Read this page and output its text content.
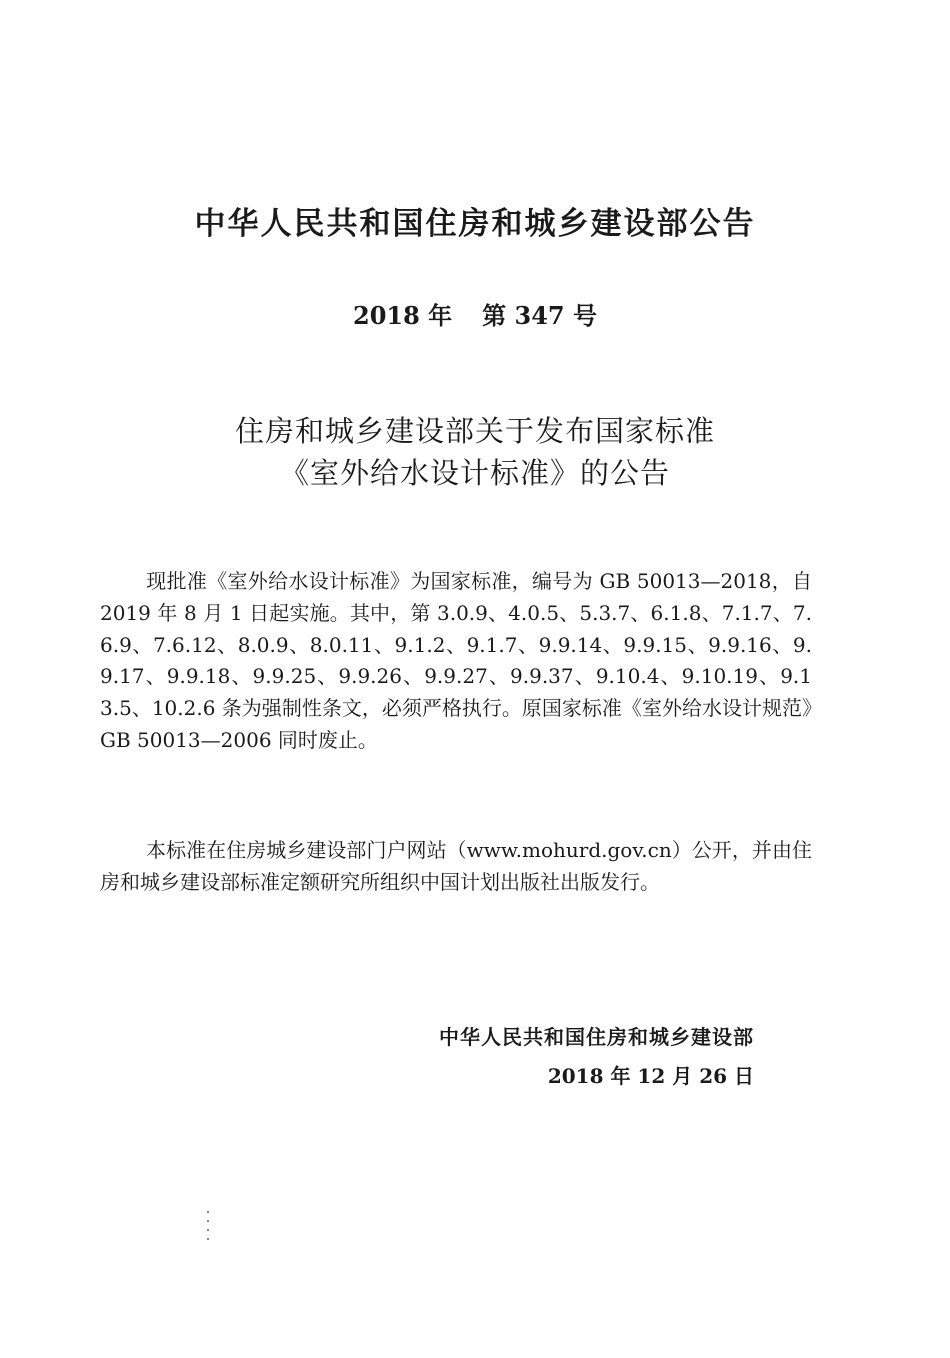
中华人民共和国住房和城乡建设部公告
2018 年 第 347 号
住房和城乡建设部关于发布国家标准
《室外给水设计标准》的公告
现批准《室外给水设计标准》为国家标准，编号为 GB 50013—2018，自 2019 年 8 月 1 日起实施。其中，第 3.0.9、4.0.5、5.3.7、6.1.8、7.1.7、7.6.9、7.6.12、8.0.9、8.0.11、9.1.2、9.1.7、9.9.14、9.9.15、9.9.16、9.9.17、9.9.18、9.9.25、9.9.26、9.9.27、9.9.37、9.10.4、9.10.19、9.13.5、10.2.6 条为强制性条文，必须严格执行。原国家标准《室外给水设计规范》GB 50013—2006 同时废止。
本标准在住房城乡建设部门户网站（www.mohurd.gov.cn）公开，并由住房和城乡建设部标准定额研究所组织中国计划出版社出版发行。
中华人民共和国住房和城乡建设部
2018 年 12 月 26 日
